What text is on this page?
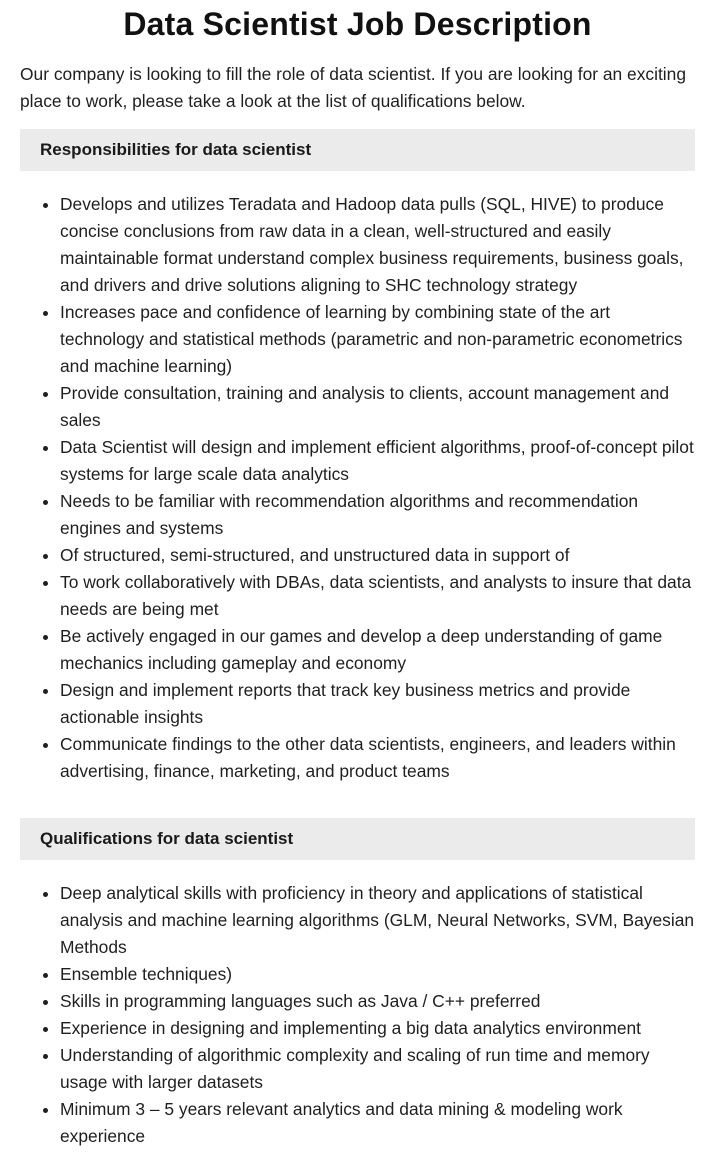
Data Scientist Job Description

Our company is looking to fill the role of data scientist. If you are looking for an exciting place to work, please take a look at the list of qualifications below.

Responsibilities for data scientist
• Develops and utilizes Teradata and Hadoop data pulls (SQL, HIVE) to produce concise conclusions from raw data in a clean, well-structured and easily maintainable format understand complex business requirements, business goals, and drivers and drive solutions aligning to SHC technology strategy
• Increases pace and confidence of learning by combining state of the art technology and statistical methods (parametric and non-parametric econometrics and machine learning)
• Provide consultation, training and analysis to clients, account management and sales
• Data Scientist will design and implement efficient algorithms, proof-of-concept pilot systems for large scale data analytics
• Needs to be familiar with recommendation algorithms and recommendation engines and systems
• Of structured, semi-structured, and unstructured data in support of
• To work collaboratively with DBAs, data scientists, and analysts to insure that data needs are being met
• Be actively engaged in our games and develop a deep understanding of game mechanics including gameplay and economy
• Design and implement reports that track key business metrics and provide actionable insights
• Communicate findings to the other data scientists, engineers, and leaders within advertising, finance, marketing, and product teams
Qualifications for data scientist
• Deep analytical skills with proficiency in theory and applications of statistical analysis and machine learning algorithms (GLM, Neural Networks, SVM, Bayesian Methods
• Ensemble techniques)
• Skills in programming languages such as Java / C++ preferred
• Experience in designing and implementing a big data analytics environment
• Understanding of algorithmic complexity and scaling of run time and memory usage with larger datasets
• Minimum 3 – 5 years relevant analytics and data mining & modeling work experience
